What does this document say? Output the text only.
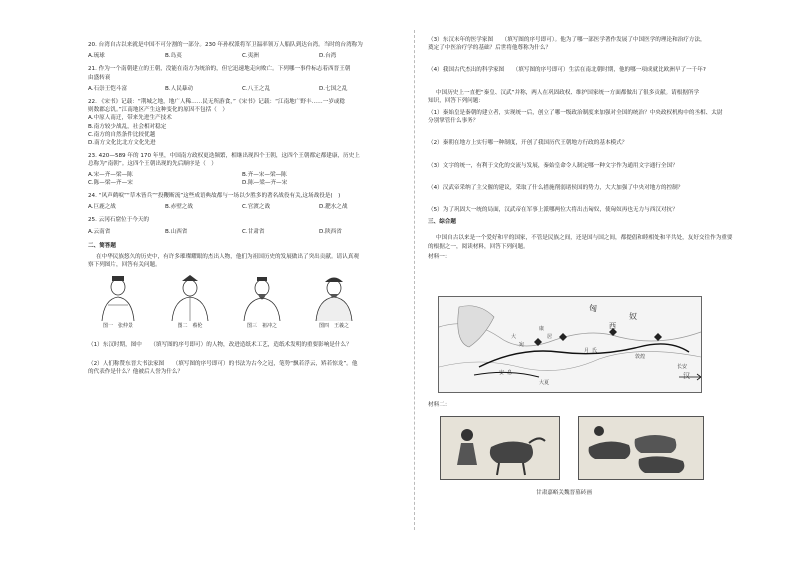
20. 台湾自古以来就是中国不可分割的一部分。230 年孙权派将军卫温率领万人船队到达台湾。当时的台湾称为

A.琉球	B.岛夷	C.夷洲	D.台湾
21. 作为一个南朝建立的王朝，没能在南方为统治的，但它迅速地走向败亡。下列哪一事件标志着西晋王朝
由盛转衰
A.石崇王恺斗富	B.人民暴动	C.八王之乱	D.七国之乱
22. 《宋书》记载：“荆城之地，地广人稀……民无所游食，”《宋书》记载：“江南地广野丰……一岁或稔
则数郡忘饥。”江南地区产生这种变化的原因不包括（　）
A.中原人南迁，带来先进生产技术
B.南方较少战乱，社会相对稳定
C.南方的自然条件比较优越
D.南方文化比北方文化先进
23. 420—589 年的 170 年里，中国南方政权更迭频繁，相继出现四个王朝，这四个王朝都定都建康，历史上
总称为“南朝”。这四个王朝出现的先后顺序是（　）
A.宋—齐—梁—陈	B.齐—宋—梁—陈
C.陈—梁—齐—宋	D.陈—梁—齐—宋

24. “风声鹤唳”“草木皆兵”“投鞭断流”这些成语典故都与一场以少胜多的著名战役有关,这场战役是(　)

A.巨鹿之战	B.赤壁之战	C.官渡之战	D.淝水之战

25. 云冈石窟位于今天的

A.云南省	B.山西省	C.甘肃省	D.陕西省

二、简答题

在中华民族悠久的历史中，有许多璀璨耀眼的杰出人物，他们为祖国历史的发展做出了突出贡献。请认真观
察下列图片，回答有关问题。
图一　张仲景	图二　蔡伦	图三　祖冲之	图四　王羲之
（1）东汉时期，图中　　（填写图的序号即可）的人物，改进造纸术工艺，造纸术发明的重要影响是什么？
（2）人们称赞东晋大书法家图　　（填写图的序号即可）的书法为古今之冠，笔势“飘若浮云，矫若惊龙”。他
的代表作是什么？他被后人誉为什么？
（3）东汉末年的医学家图　　（填写图的序号即可）。他为了哪一部医学著作发展了中国医学的理论和治疗方法，
奠定了中医治疗学的基础？后世将他尊称为什么？
（4）我国古代杰出的科学家图　　（填写图的序号即可）生活在南北朝时期，他的哪一项成就比欧洲早了一千年?
中国历史上一直把“秦皇、汉武”并称，两人在巩固政权、维护国家统一方面都做出了很多贡献。请根据所学
知识，回答下列问题：
（1）秦始皇是秦朝的建立者，实现统一后，创立了哪一级政治制度来加强对全国的统治？中央政权机构中的丞相、太尉
分别掌管什么事务？
（2）秦朝在地方上实行哪一种制度，开创了我国历代王朝地方行政的基本模式？
（3）文字的统一，有利于文化的交流与发展，秦始皇命令人制定哪一种文字作为通用文字通行全国？
（4）汉武帝采纳了主父偃的建议，采取了什么措施削弱诸侯国的势力，大大加强了中央对地方的控制？
（5）为了巩固大一统的局面，汉武帝在军事上派哪两位大将出击匈奴，使匈奴再也无力与西汉对抗？

三、综合题

中国自古以来是一个爱好和平的国家，不管是民族之间，还是国与国之间，都提倡和睦相处和平共处，友好交往作为重要
的根据之一，阅读材料，回答下列问题。
材料一：
匈
奴
大
宛
康
居
月 氏
安 息
敦煌
长安
汉
大夏
西
材料二：
甘肃嘉峪关魏晋墓砖画
